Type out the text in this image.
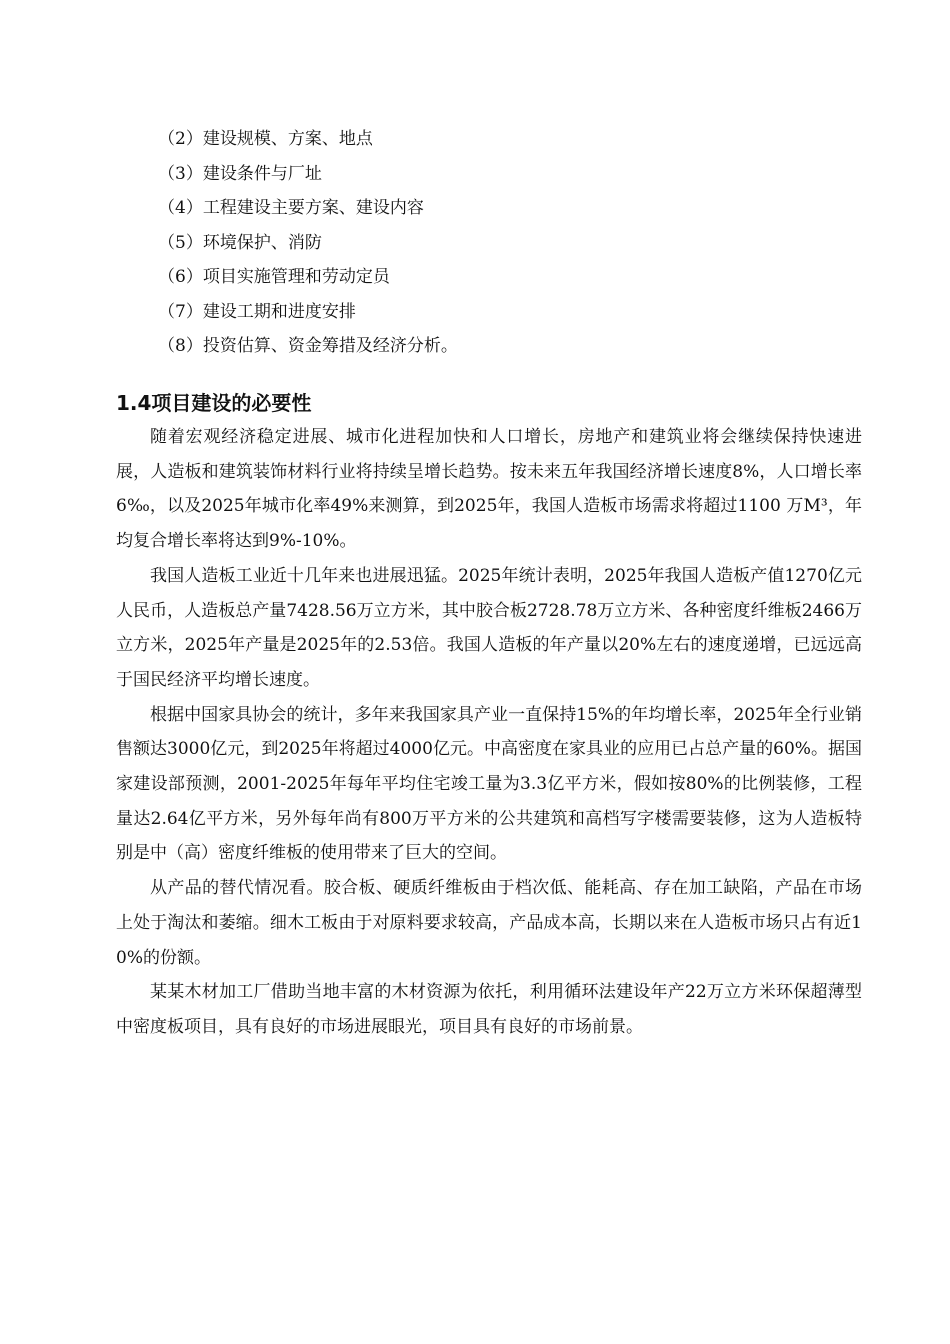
（2）建设规模、方案、地点
（3）建设条件与厂址
（4）工程建设主要方案、建设内容
（5）环境保护、消防
（6）项目实施管理和劳动定员
（7）建设工期和进度安排
（8）投资估算、资金筹措及经济分析。
1.4项目建设的必要性

随着宏观经济稳定进展、城市化进程加快和人口增长，房地产和建筑业将会继续保持快速进展，人造板和建筑装饰材料行业将持续呈增长趋势。按未来五年我国经济增长速度8%，人口增长率6‰，以及2025年城市化率49%来测算，到2025年，我国人造板市场需求将超过1100 万M³，年均复合增长率将达到9%-10%。

我国人造板工业近十几年来也进展迅猛。2025年统计表明，2025年我国人造板产值1270亿元人民币，人造板总产量7428.56万立方米，其中胶合板2728.78万立方米、各种密度纤维板2466万立方米，2025年产量是2025年的2.53倍。我国人造板的年产量以20%左右的速度递增，已远远高于国民经济平均增长速度。

根据中国家具协会的统计，多年来我国家具产业一直保持15%的年均增长率，2025年全行业销售额达3000亿元，到2025年将超过4000亿元。中高密度在家具业的应用已占总产量的60%。据国家建设部预测，2001-2025年每年平均住宅竣工量为3.3亿平方米，假如按80%的比例装修，工程量达2.64亿平方米，另外每年尚有800万平方米的公共建筑和高档写字楼需要装修，这为人造板特别是中（高）密度纤维板的使用带来了巨大的空间。

从产品的替代情况看。胶合板、硬质纤维板由于档次低、能耗高、存在加工缺陷，产品在市场上处于淘汰和萎缩。细木工板由于对原料要求较高，产品成本高，长期以来在人造板市场只占有近10%的份额。

某某木材加工厂借助当地丰富的木材资源为依托，利用循环法建设年产22万立方米环保超薄型中密度板项目，具有良好的市场进展眼光，项目具有良好的市场前景。
